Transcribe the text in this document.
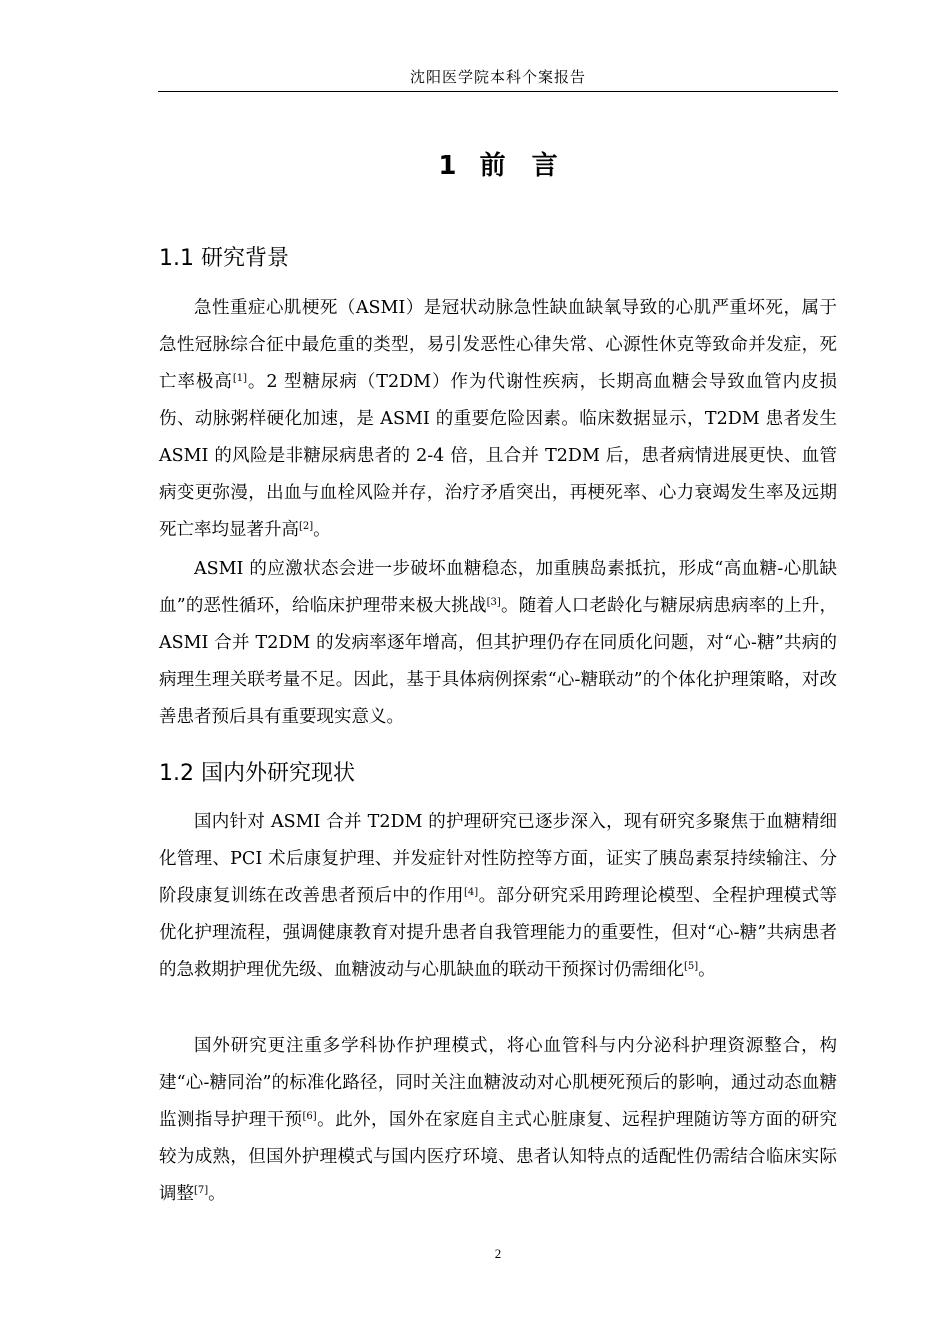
沈阳医学院本科个案报告
1 前　言
1.1 研究背景

急性重症心肌梗死（ASMI）是冠状动脉急性缺血缺氧导致的心肌严重坏死，属于急性冠脉综合征中最危重的类型，易引发恶性心律失常、心源性休克等致命并发症，死亡率极高[1]。2 型糖尿病（T2DM）作为代谢性疾病，长期高血糖会导致血管内皮损伤、动脉粥样硬化加速，是 ASMI 的重要危险因素。临床数据显示，T2DM 患者发生 ASMI 的风险是非糖尿病患者的 2-4 倍，且合并 T2DM 后，患者病情进展更快、血管病变更弥漫，出血与血栓风险并存，治疗矛盾突出，再梗死率、心力衰竭发生率及远期死亡率均显著升高[2]。

ASMI 的应激状态会进一步破坏血糖稳态，加重胰岛素抵抗，形成“高血糖-心肌缺血”的恶性循环，给临床护理带来极大挑战[3]。随着人口老龄化与糖尿病患病率的上升，ASMI 合并 T2DM 的发病率逐年增高，但其护理仍存在同质化问题，对“心-糖”共病的病理生理关联考量不足。因此，基于具体病例探索“心-糖联动”的个体化护理策略，对改善患者预后具有重要现实意义。

1.2 国内外研究现状

国内针对 ASMI 合并 T2DM 的护理研究已逐步深入，现有研究多聚焦于血糖精细化管理、PCI 术后康复护理、并发症针对性防控等方面，证实了胰岛素泵持续输注、分阶段康复训练在改善患者预后中的作用[4]。部分研究采用跨理论模型、全程护理模式等优化护理流程，强调健康教育对提升患者自我管理能力的重要性，但对“心-糖”共病患者的急救期护理优先级、血糖波动与心肌缺血的联动干预探讨仍需细化[5]。

国外研究更注重多学科协作护理模式，将心血管科与内分泌科护理资源整合，构建“心-糖同治”的标准化路径，同时关注血糖波动对心肌梗死预后的影响，通过动态血糖监测指导护理干预[6]。此外，国外在家庭自主式心脏康复、远程护理随访等方面的研究较为成熟，但国外护理模式与国内医疗环境、患者认知特点的适配性仍需结合临床实际调整[7]。

2
